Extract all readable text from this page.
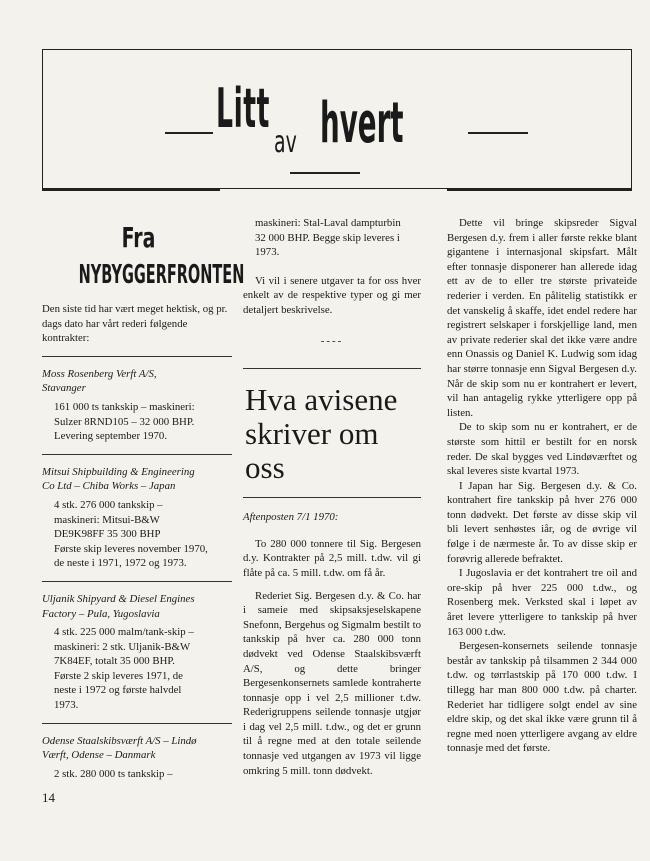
Litt
av hvert
Fra
NYBYGGERFRONTEN

Den siste tid har vært meget hektisk, og pr. dags dato har vårt rederi følgende kontrakter:

Moss Rosenberg Verft A/S,
Stavanger
161 000 ts tankskip – maskineri:
Sulzer 8RND105 – 32 000 BHP.
Levering september 1970.
Mitsui Shipbuilding & Engineering
Co Ltd – Chiba Works – Japan
4 stk. 276 000 tankskip –
maskineri: Mitsui-B&W
DE9K98FF 35 300 BHP
Første skip leveres november 1970,
de neste i 1971, 1972 og 1973.
Uljanik Shipyard & Diesel Engines
Factory – Pula, Yugoslavia
4 stk. 225 000 malm/tank-skip –
maskineri: 2 stk. Uljanik-B&W
7K84EF, totalt 35 000 BHP.
Første 2 skip leveres 1971, de
neste i 1972 og første halvdel
1973.
Odense Staalskibsværft A/S – Lindø
Værft, Odense – Danmark
2 stk. 280 000 ts tankskip –
maskineri: Stal-Laval dampturbin
32 000 BHP. Begge skip leveres i
1973.

Vi vil i senere utgaver ta for oss hver enkelt av de respektive typer og gi mer detaljert beskrivelse.

----
Hva avisene skriver om oss
Aftenposten 7/1 1970:

To 280 000 tonnere til Sig. Bergesen d.y. Kontrakter på 2,5 mill. t.dw. vil gi flåte på ca. 5 mill. t.dw. om få år.

Rederiet Sig. Bergesen d.y. & Co. har i sameie med skipsaksjeselskapene Snefonn, Bergehus og Sigmalm bestilt to tankskip på hver ca. 280 000 tonn dødvekt ved Odense Staalskibsværft A/S, og dette bringer Bergesenkonsernets samlede kontraherte tonnasje opp i vel 2,5 millioner t.dw. Rederigruppens seilende tonnasje utgjør i dag vel 2,5 mill. t.dw., og det er grunn til å regne med at den totale seilende tonnasje ved utgangen av 1973 vil ligge omkring 5 mill. tonn dødvekt.

Dette vil bringe skipsreder Sigval Bergesen d.y. frem i aller første rekke blant gigantene i internasjonal skipsfart. Målt efter tonnasje disponerer han allerede idag ett av de to eller tre største privateide rederier i verden. En pålitelig statistikk er det vanskelig å skaffe, idet endel redere har registrert selskaper i forskjellige land, men av private rederier skal det ikke være andre enn Onassis og Daniel K. Ludwig som idag har større tonnasje enn Sigval Bergesen d.y. Når de skip som nu er kontrahert er levert, vil han antagelig rykke ytterligere opp på listen.

De to skip som nu er kontrahert, er de største som hittil er bestilt for en norsk reder. De skal bygges ved Lindøværftet og skal leveres siste kvartal 1973.

I Japan har Sig. Bergesen d.y. & Co. kontrahert fire tankskip på hver 276 000 tonn dødvekt. Det første av disse skip vil bli levert senhøstes iår, og de øvrige vil følge i de nærmeste år. To av disse skip er forøvrig allerede befraktet.

I Jugoslavia er det kontrahert tre oil and ore-skip på hver 225 000 t.dw., og Rosenberg mek. Verksted skal i løpet av året levere ytterligere to tankskip på hver 163 000 t.dw.

Bergesen-konsernets seilende tonnasje består av tankskip på tilsammen 2 344 000 t.dw. og tørrlastskip på 170 000 t.dw. I tillegg har man 800 000 t.dw. på charter. Rederiet har tidligere solgt endel av sine eldre skip, og det skal ikke være grunn til å regne med noen ytterligere avgang av eldre tonnasje med det første.

14
